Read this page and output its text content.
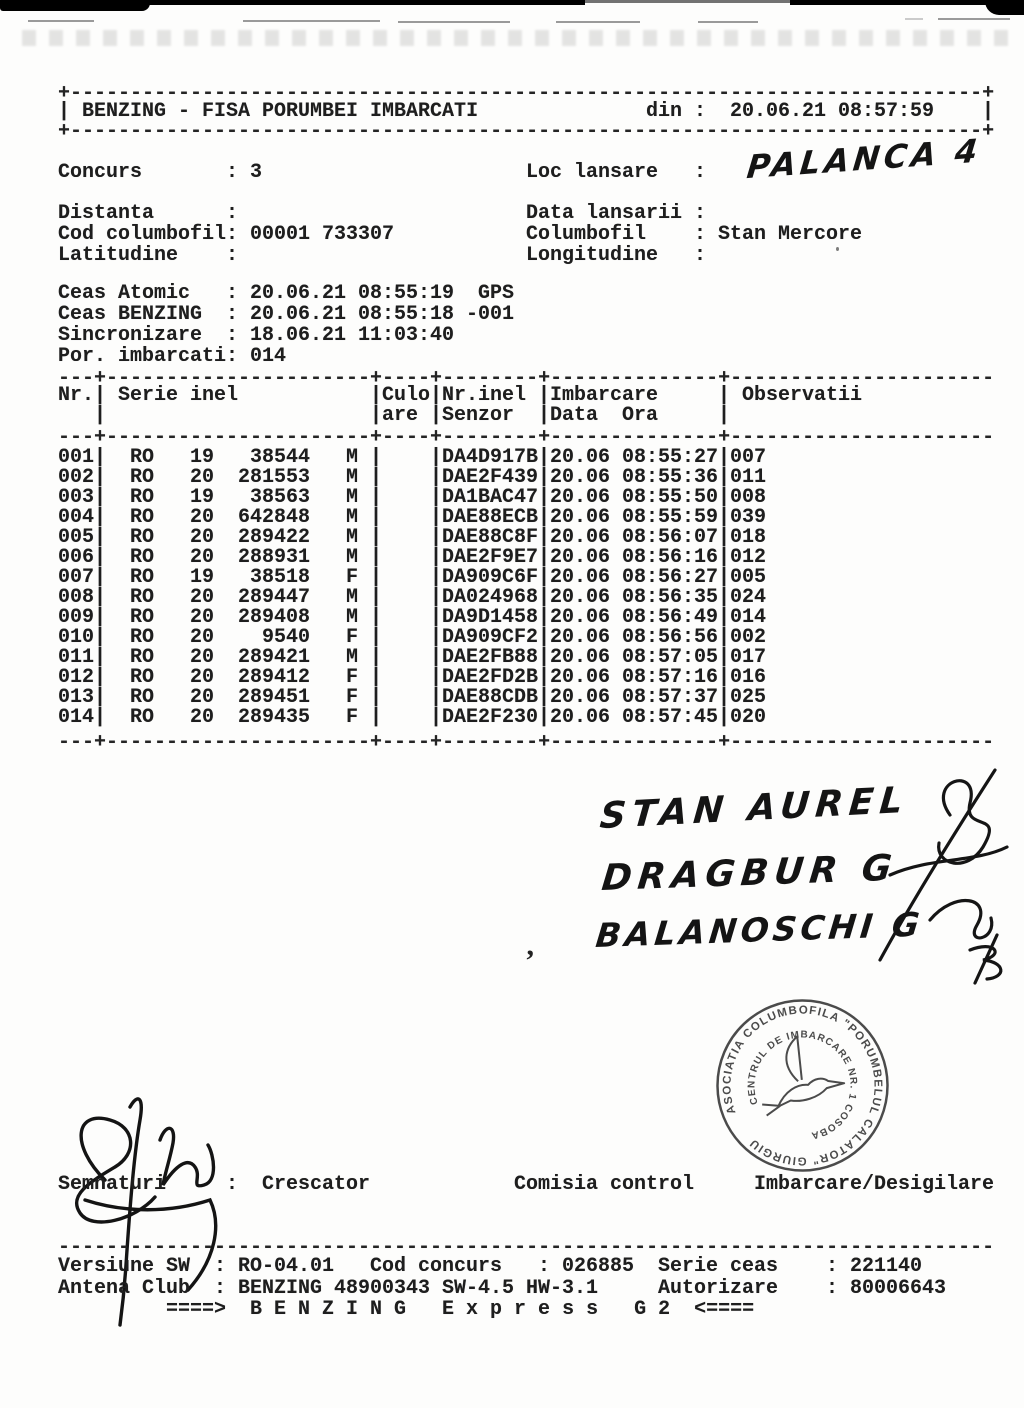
+----------------------------------------------------------------------------+
| BENZING - FISA PORUMBEI IMBARCATI	din : 20.06.21 08:57:59 |
+----------------------------------------------------------------------------+
Concurs	: 3	Loc lansare :
Distanta	:	Data lansarii :
Cod columbofil : 00001 733307	Columbofil : Stan Mercore
Latitudine :	Longitudine :
Ceas Atomic : 20.06.21 08:55:19  GPS
Ceas BENZING : 20.06.21 08:55:18 -001
Sincronizare : 18.06.21 11:03:40
Por. imbarcati : 014
---+----------------------+----+--------+--------------+----------------------
Nr. | Serie inel	| Culo | Nr.inel | Imbarcare	| Observatii
|	| are | Senzor | Data Ora	|
---+----------------------+----+--------+--------------+----------------------
001 | RO 19	38544 M | | DA4D917B | 20.06 08:55:27 | 007
002 | RO 20	281553 M | | DAE2F439 | 20.06 08:55:36 | 011
003 | RO 19	38563 M | | DA1BAC47 | 20.06 08:55:50 | 008
004 | RO 20	642848 M | | DAE88ECB | 20.06 08:55:59 | 039
005 | RO 20	289422 M | | DAE88C8F | 20.06 08:56:07 | 018
006 | RO 20	288931 M | | DAE2F9E7 | 20.06 08:56:16 | 012
007 | RO 19	38518 F | | DA909C6F | 20.06 08:56:27 | 005
008 | RO 20	289447 M | | DA024968 | 20.06 08:56:35 | 024
009 | RO 20	289408 M | | DA9D1458 | 20.06 08:56:49 | 014
010 | RO 20	9540 F | | DA909CF2 | 20.06 08:56:56 | 002
011 | RO 20	289421 M | | DAE2FB88 | 20.06 08:57:05 | 017
012 | RO 20	289412 F | | DAE2FD2B | 20.06 08:57:16 | 016
013 | RO 20	289451 F | | DAE88CDB | 20.06 08:57:37 | 025
014 | RO 20	289435 F | | DAE2F230 | 20.06 08:57:45 | 020
---+----------------------+----+--------+--------------+----------------------
PALANCA 4
STAN AUREL
DRAGBUR G
BALANOSCHI G
’
ASOCIATIA COLUMBOFILA "PORUMBELUL CALATOR" GIURGIU
CENTRUL DE IMBARCARE NR. 1 COSOBA
Semnaturi	: Crescator	Comisia control	Imbarcare/Desigilare
------------------------------------------------------------------------------
Versiune SW : RO-04.01 Cod concurs : 026885 Serie ceas : 221140
Antena Club : BENZING 48900343 SW-4.5 HW-3.1	Autorizare : 80006643
====>  B E N Z I N G   E x p r e s s   G 2  <====
